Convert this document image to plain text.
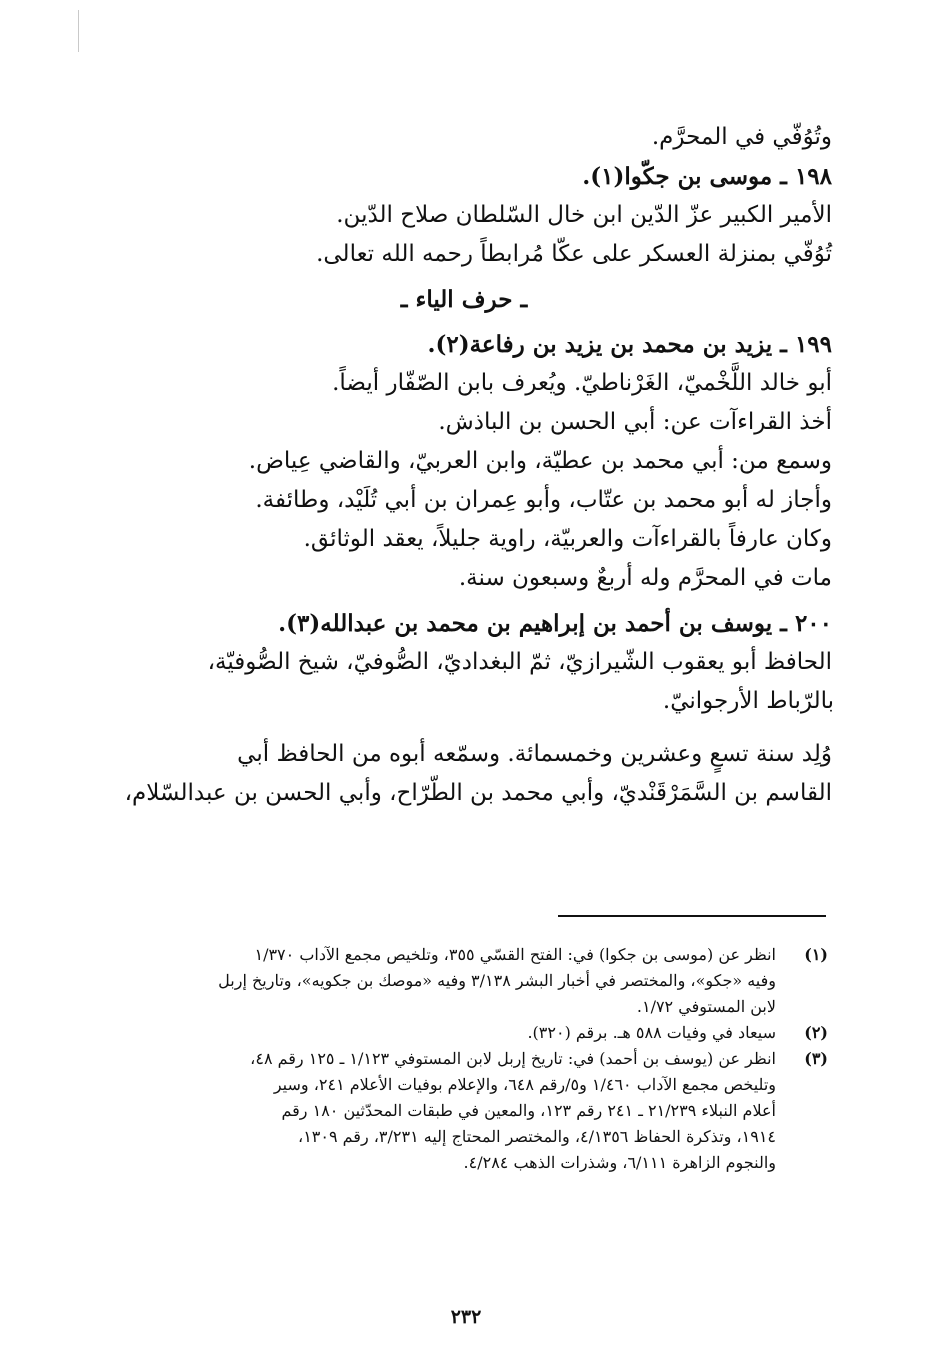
وتُوُفّي في المحرَّم.
١٩٨ ـ موسى بن جكّوا(١).
الأمير الكبير عزّ الدّين ابن خال السّلطان صلاح الدّين.
تُوُفّي بمنزلة العسكر على عكّا مُرابطاً رحمه الله تعالى.
ـ حرف الياء ـ
١٩٩ ـ يزيد بن محمد بن يزيد بن رفاعة(٢).
أبو خالد اللَّخْميّ، الغَرْناطيّ. ويُعرف بابن الصّفّار أيضاً.
أخذ القراءآت عن: أبي الحسن بن الباذش.
وسمع من: أبي محمد بن عطيّة، وابن العربيّ، والقاضي عِياض.
وأجاز له أبو محمد بن عتّاب، وأبو عِمران بن أبي تُلَيْد، وطائفة.
وكان عارفاً بالقراءآت والعربيّة، راوية جليلاً، يعقد الوثائق.
مات في المحرَّم وله أربعٌ وسبعون سنة.
٢٠٠ ـ يوسف بن أحمد بن إبراهيم بن محمد بن عبدالله(٣).
الحافظ أبو يعقوب الشّيرازيّ، ثمّ البغداديّ، الصُّوفيّ، شيخ الصُّوفيّة،
بالرّباط الأرجوانيّ.
وُلِد سنة تسعٍ وعشرين وخمسمائة. وسمّعه أبوه من الحافظ أبي
القاسم بن السَّمَرْقَنْديّ، وأبي محمد بن الطّرّاح، وأبي الحسن بن عبدالسّلام،
(١)
انظر عن (موسى بن جكوا) في: الفتح القسّي ٣٥٥، وتلخيص مجمع الآداب ١/٣٧٠
وفيه «جكو»، والمختصر في أخبار البشر ٣/١٣٨ وفيه «موصك بن جكويه»، وتاريخ إربل
لابن المستوفي ١/٧٢.
(٢)
سيعاد في وفيات ٥٨٨ هـ. برقم (٣٢٠).
(٣)
انظر عن (يوسف بن أحمد) في: تاريخ إربل لابن المستوفي ١/١٢٣ ـ ١٢٥ رقم ٤٨،
وتليخص مجمع الآداب ١/٤٦٠ و٥/رقم ٦٤٨، والإعلام بوفيات الأعلام ٢٤١، وسير
أعلام النبلاء ٢١/٢٣٩ ـ ٢٤١ رقم ١٢٣، والمعين في طبقات المحدّثين ١٨٠ رقم
١٩١٤، وتذكرة الحفاظ ٤/١٣٥٦، والمختصر المحتاج إليه ٣/٢٣١، رقم ١٣٠٩،
والنجوم الزاهرة ٦/١١١، وشذرات الذهب ٤/٢٨٤.
٢٣٢
